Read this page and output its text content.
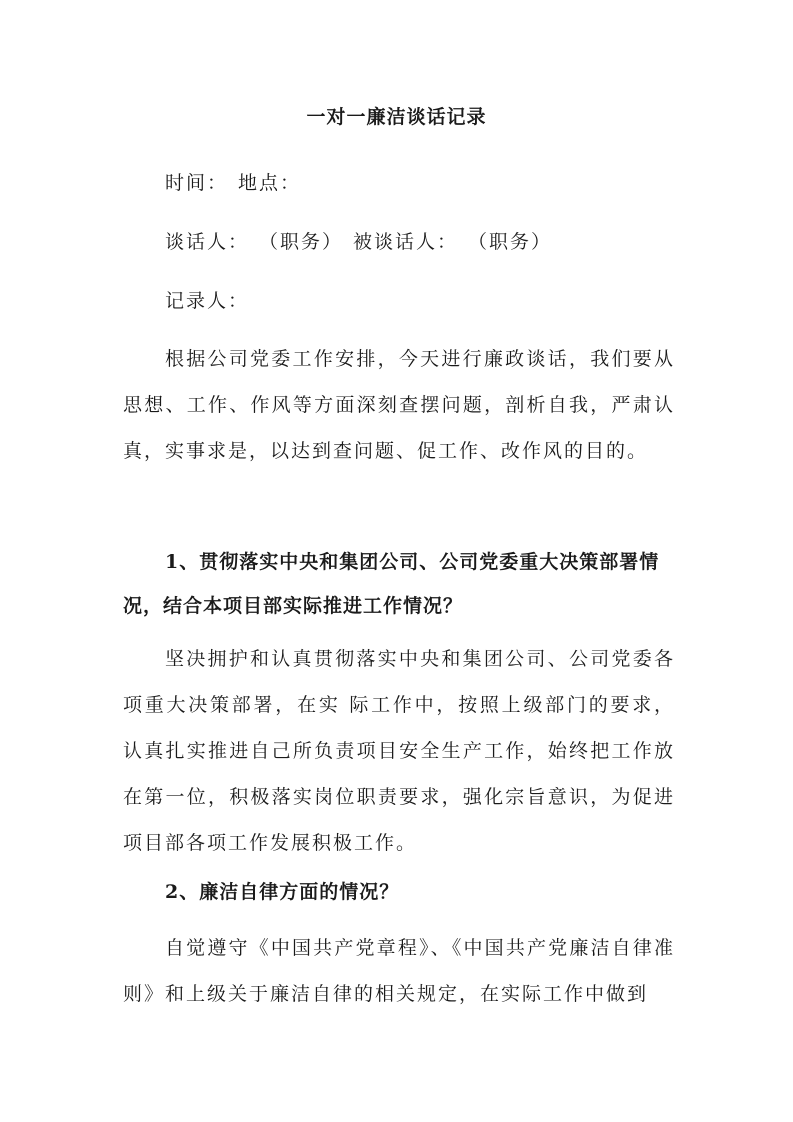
一对一廉洁谈话记录
时间： 地点：
谈话人： （职务） 被谈话人： （职务）
记录人：
根据公司党委工作安排，今天进行廉政谈话，我们要从思想、工作、作风等方面深刻查摆问题，剖析自我，严肃认真，实事求是，以达到查问题、促工作、改作风的目的。
1、贯彻落实中央和集团公司、公司党委重大决策部署情况，结合本项目部实际推进工作情况？
坚决拥护和认真贯彻落实中央和集团公司、公司党委各项重大决策部署，在实 际工作中，按照上级部门的要求，认真扎实推进自己所负责项目安全生产工作，始终把工作放在第一位，积极落实岗位职责要求，强化宗旨意识，为促进项目部各项工作发展积极工作。
2、廉洁自律方面的情况？
自觉遵守《中国共产党章程》、《中国共产党廉洁自律准则》和上级关于廉洁自律的相关规定，在实际工作中做到
